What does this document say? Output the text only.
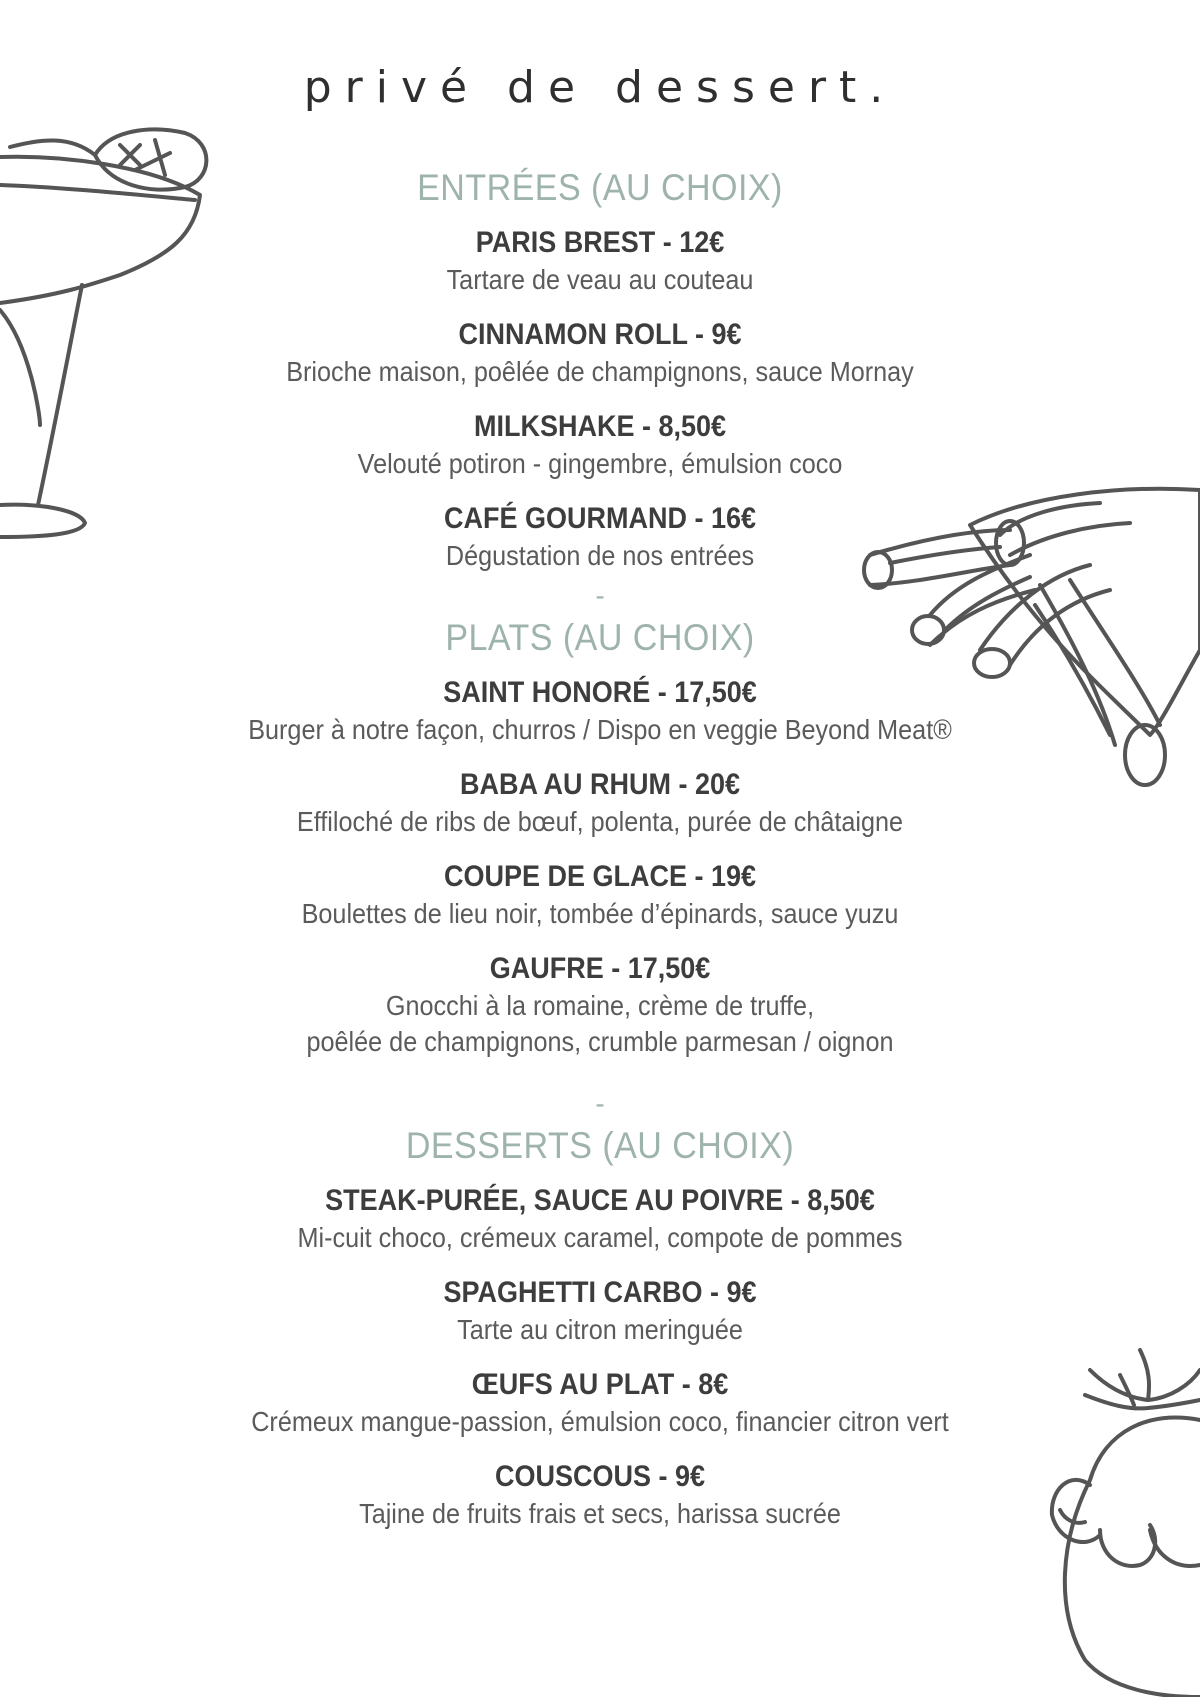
privé de dessert.
ENTRÉES (AU CHOIX)
PARIS BREST - 12€
Tartare de veau au couteau
CINNAMON ROLL - 9€
Brioche maison, poêlée de champignons, sauce Mornay
MILKSHAKE - 8,50€
Velouté potiron - gingembre, émulsion coco
CAFÉ GOURMAND - 16€
Dégustation de nos entrées
-
PLATS (AU CHOIX)
SAINT HONORÉ - 17,50€
Burger à notre façon, churros / Dispo en veggie Beyond Meat®
BABA AU RHUM - 20€
Effiloché de ribs de bœuf, polenta, purée de châtaigne
COUPE DE GLACE - 19€
Boulettes de lieu noir, tombée d’épinards, sauce yuzu
GAUFRE - 17,50€
Gnocchi à la romaine, crème de truffe,
poêlée de champignons, crumble parmesan / oignon
-
DESSERTS (AU CHOIX)
STEAK-PURÉE, SAUCE AU POIVRE - 8,50€
Mi-cuit choco, crémeux caramel, compote de pommes
SPAGHETTI CARBO - 9€
Tarte au citron meringuée
ŒUFS AU PLAT - 8€
Crémeux mangue-passion, émulsion coco, financier citron vert
COUSCOUS - 9€
Tajine de fruits frais et secs, harissa sucrée
